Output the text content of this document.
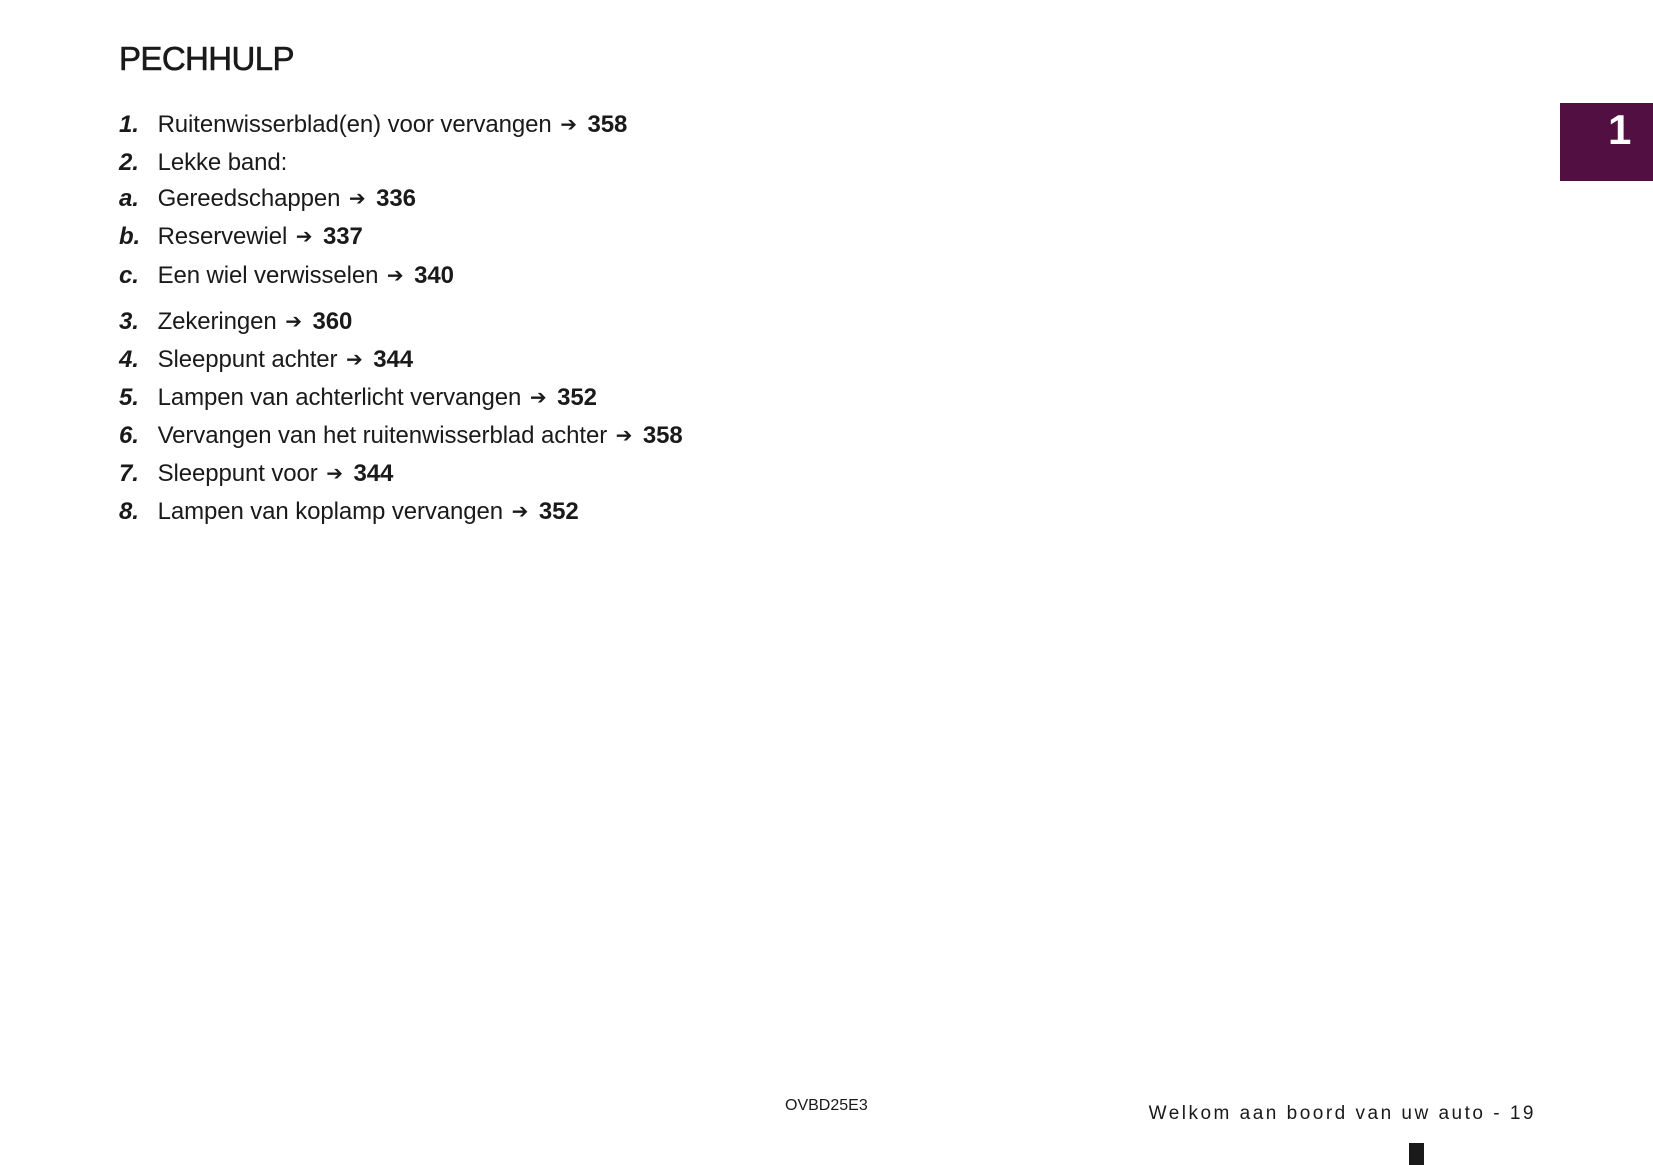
PECHHULP
1. Ruitenwisserblad(en) voor vervangen ➔ 358
2. Lekke band:
a. Gereedschappen ➔ 336
b. Reservewiel ➔ 337
c. Een wiel verwisselen ➔ 340
3. Zekeringen ➔ 360
4. Sleeppunt achter ➔ 344
5. Lampen van achterlicht vervangen ➔ 352
6. Vervangen van het ruitenwisserblad achter ➔ 358
7. Sleeppunt voor ➔ 344
8. Lampen van koplamp vervangen ➔ 352
1
OVBD25E3	Welkom aan boord van uw auto - 19
